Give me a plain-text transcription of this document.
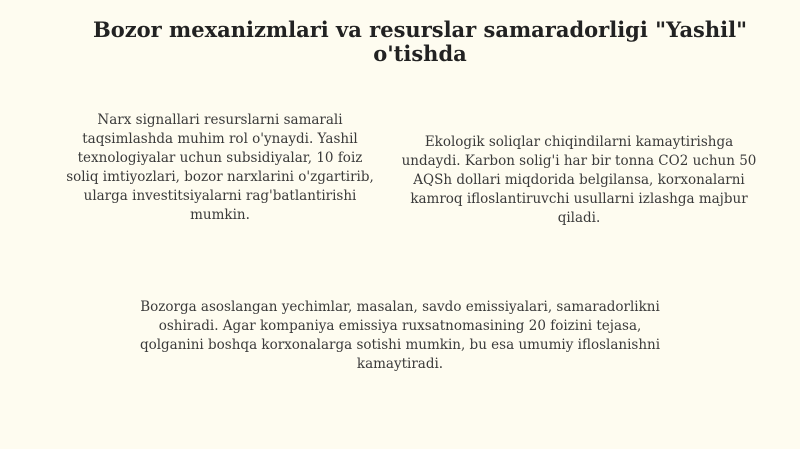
Bozor mexanizmlari va resurslar samaradorligi "Yashil" o'tishda

Narx signallari resurslarni samarali taqsimlashda muhim rol o'ynaydi. Yashil texnologiyalar uchun subsidiyalar, 10 foiz soliq imtiyozlari, bozor narxlarini o'zgartirib, ularga investitsiyalarni rag'batlantirishi mumkin.

Ekologik soliqlar chiqindilarni kamaytirishga undaydi. Karbon solig'i har bir tonna CO2 uchun 50 AQSh dollari miqdorida belgilansa, korxonalarni kamroq ifloslantiruvchi usullarni izlashga majbur qiladi.

Bozorga asoslangan yechimlar, masalan, savdo emissiyalari, samaradorlikni oshiradi. Agar kompaniya emissiya ruxsatnomasining 20 foizini tejasa, qolganini boshqa korxonalarga sotishi mumkin, bu esa umumiy ifloslanishni kamaytiradi.
